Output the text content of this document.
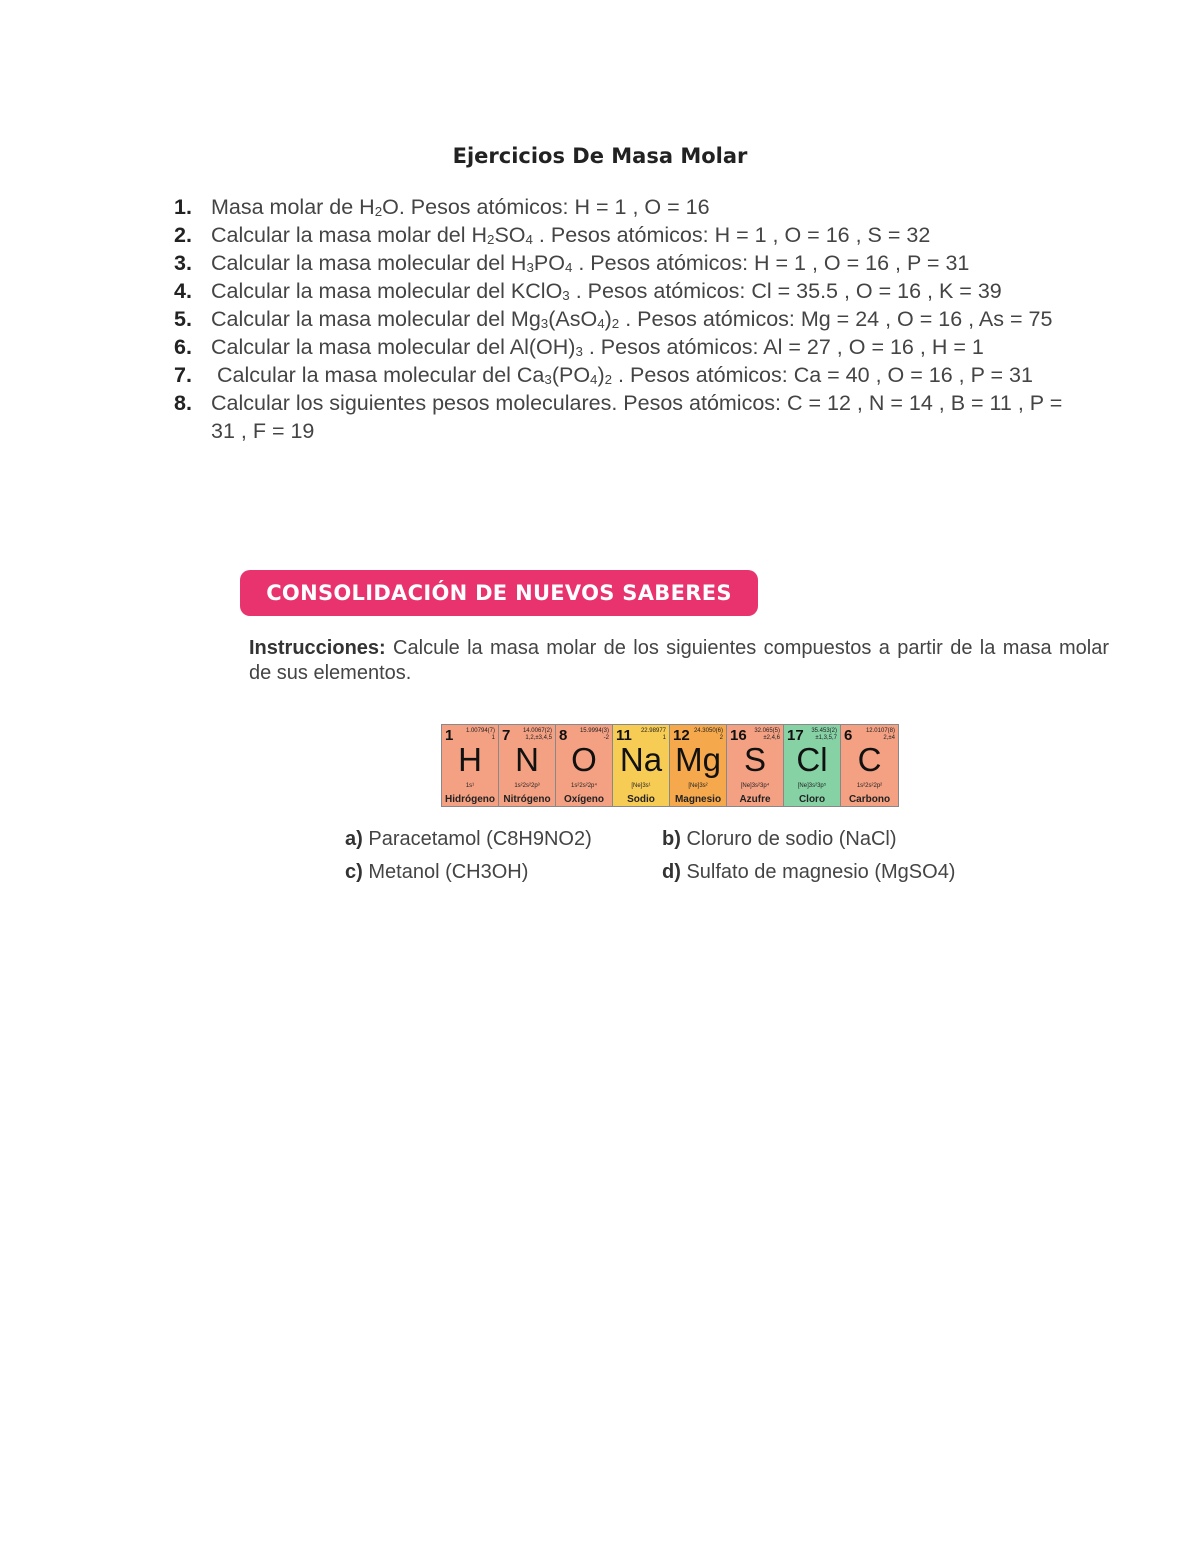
Ejercicios De Masa Molar
1. Masa molar de $H_2O$. Pesos atómicos: H = 1 , O = 16
2. Calcular la masa molar del $H_2SO_4$ . Pesos atómicos: H = 1 , O = 16 , S = 32
3. Calcular la masa molecular del $H_3PO_4$ . Pesos atómicos: H = 1 , O = 16 , P = 31
4. Calcular la masa molecular del KClO$_3$ . Pesos atómicos: Cl = 35.5 , O = 16 , K = 39
5. Calcular la masa molecular del $Mg_3(AsO_4)_2$ . Pesos atómicos: Mg = 24 , O = 16 , As = 75
6. Calcular la masa molecular del $Al(OH)_3$ . Pesos atómicos: Al = 27 , O = 16 , H = 1
7. Calcular la masa molecular del $Ca_3(PO_4)_2$ . Pesos atómicos: Ca = 40 , O = 16 , P = 31
8. Calcular los siguientes pesos moleculares. Pesos atómicos: C = 12 , N = 14 , B = 11 , P = 31 , F = 19
CONSOLIDACIÓN DE NUEVOS SABERES
Instrucciones: Calcule la masa molar de los siguientes compuestos a partir de la masa molar de sus elementos.
1 1.00794(7)
1
H
1s¹
Hidrógeno
7 14.0067(2)
1,2,±3,4,5
N
1s²2s²2p³
Nitrógeno
8 15.9994(3)
-2
O
1s²2s²2p⁴
Oxígeno
11 22.98977
1
Na
[Ne]3s¹
Sodio
12 24.3050(6)
2
Mg
[Ne]3s²
Magnesio
16 32.065(5)
±2,4,6
S
[Ne]3s²3p⁴
Azufre
17 35.453(2)
±1,3,5,7
Cl
[Ne]3s²3p⁵
Cloro
6 12.0107(8)
2,±4
C
1s²2s²2p²
Carbono
a) Paracetamol (C8H9NO2)	b) Cloruro de sodio (NaCl)
c) Metanol (CH3OH)	d) Sulfato de magnesio (MgSO4)
